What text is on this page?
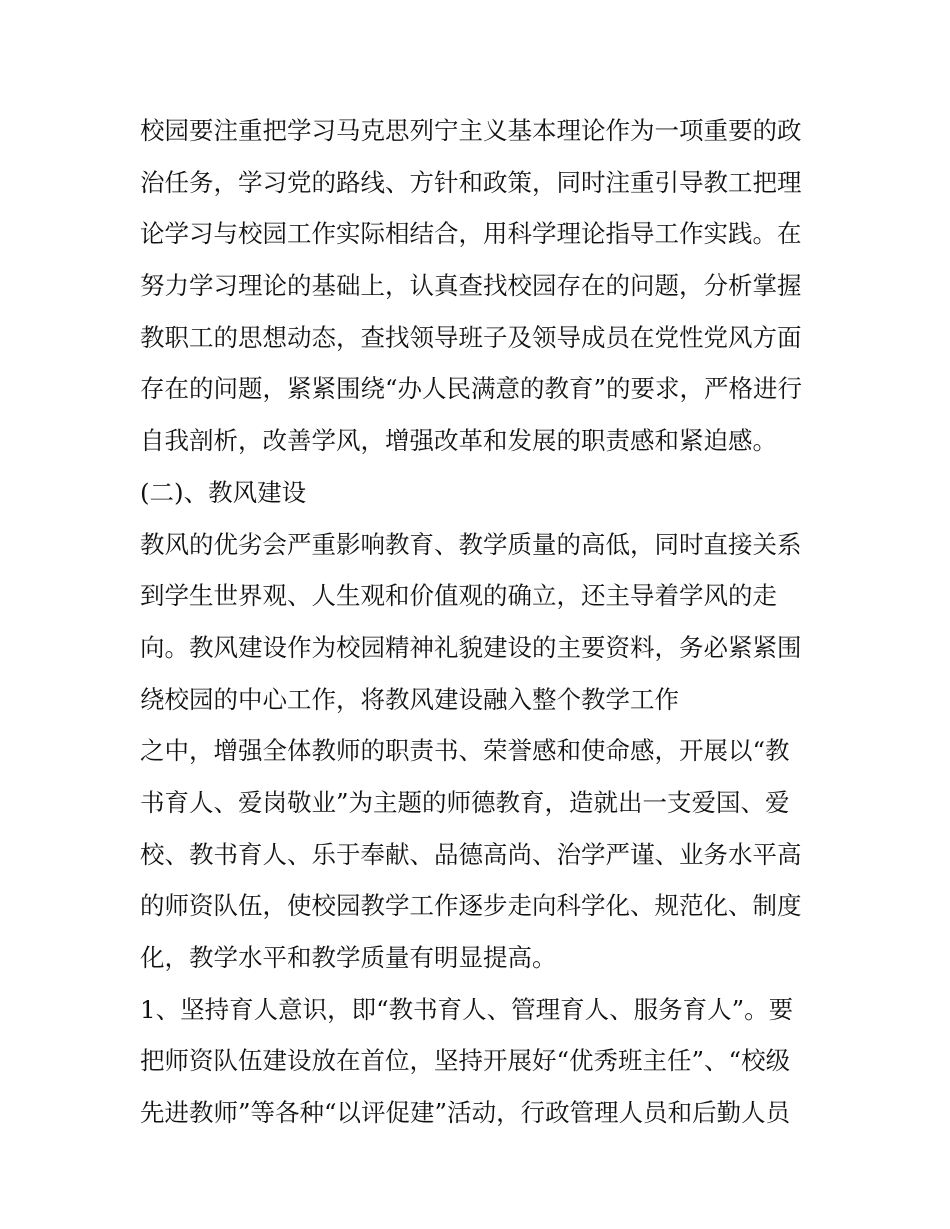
校园要注重把学习马克思列宁主义基本理论作为一项重要的政
治任务，学习党的路线、方针和政策，同时注重引导教工把理
论学习与校园工作实际相结合，用科学理论指导工作实践。在
努力学习理论的基础上，认真查找校园存在的问题，分析掌握
教职工的思想动态，查找领导班子及领导成员在党性党风方面
存在的问题，紧紧围绕“办人民满意的教育”的要求，严格进行
自我剖析，改善学风，增强改革和发展的职责感和紧迫感。
(二)、教风建设
教风的优劣会严重影响教育、教学质量的高低，同时直接关系
到学生世界观、人生观和价值观的确立，还主导着学风的走
向。教风建设作为校园精神礼貌建设的主要资料，务必紧紧围
绕校园的中心工作，将教风建设融入整个教学工作
之中，增强全体教师的职责书、荣誉感和使命感，开展以“教
书育人、爱岗敬业”为主题的师德教育，造就出一支爱国、爱
校、教书育人、乐于奉献、品德高尚、治学严谨、业务水平高
的师资队伍，使校园教学工作逐步走向科学化、规范化、制度
化，教学水平和教学质量有明显提高。
1、坚持育人意识，即“教书育人、管理育人、服务育人”。要
把师资队伍建设放在首位，坚持开展好“优秀班主任”、“校级
先进教师”等各种“以评促建”活动，行政管理人员和后勤人员
